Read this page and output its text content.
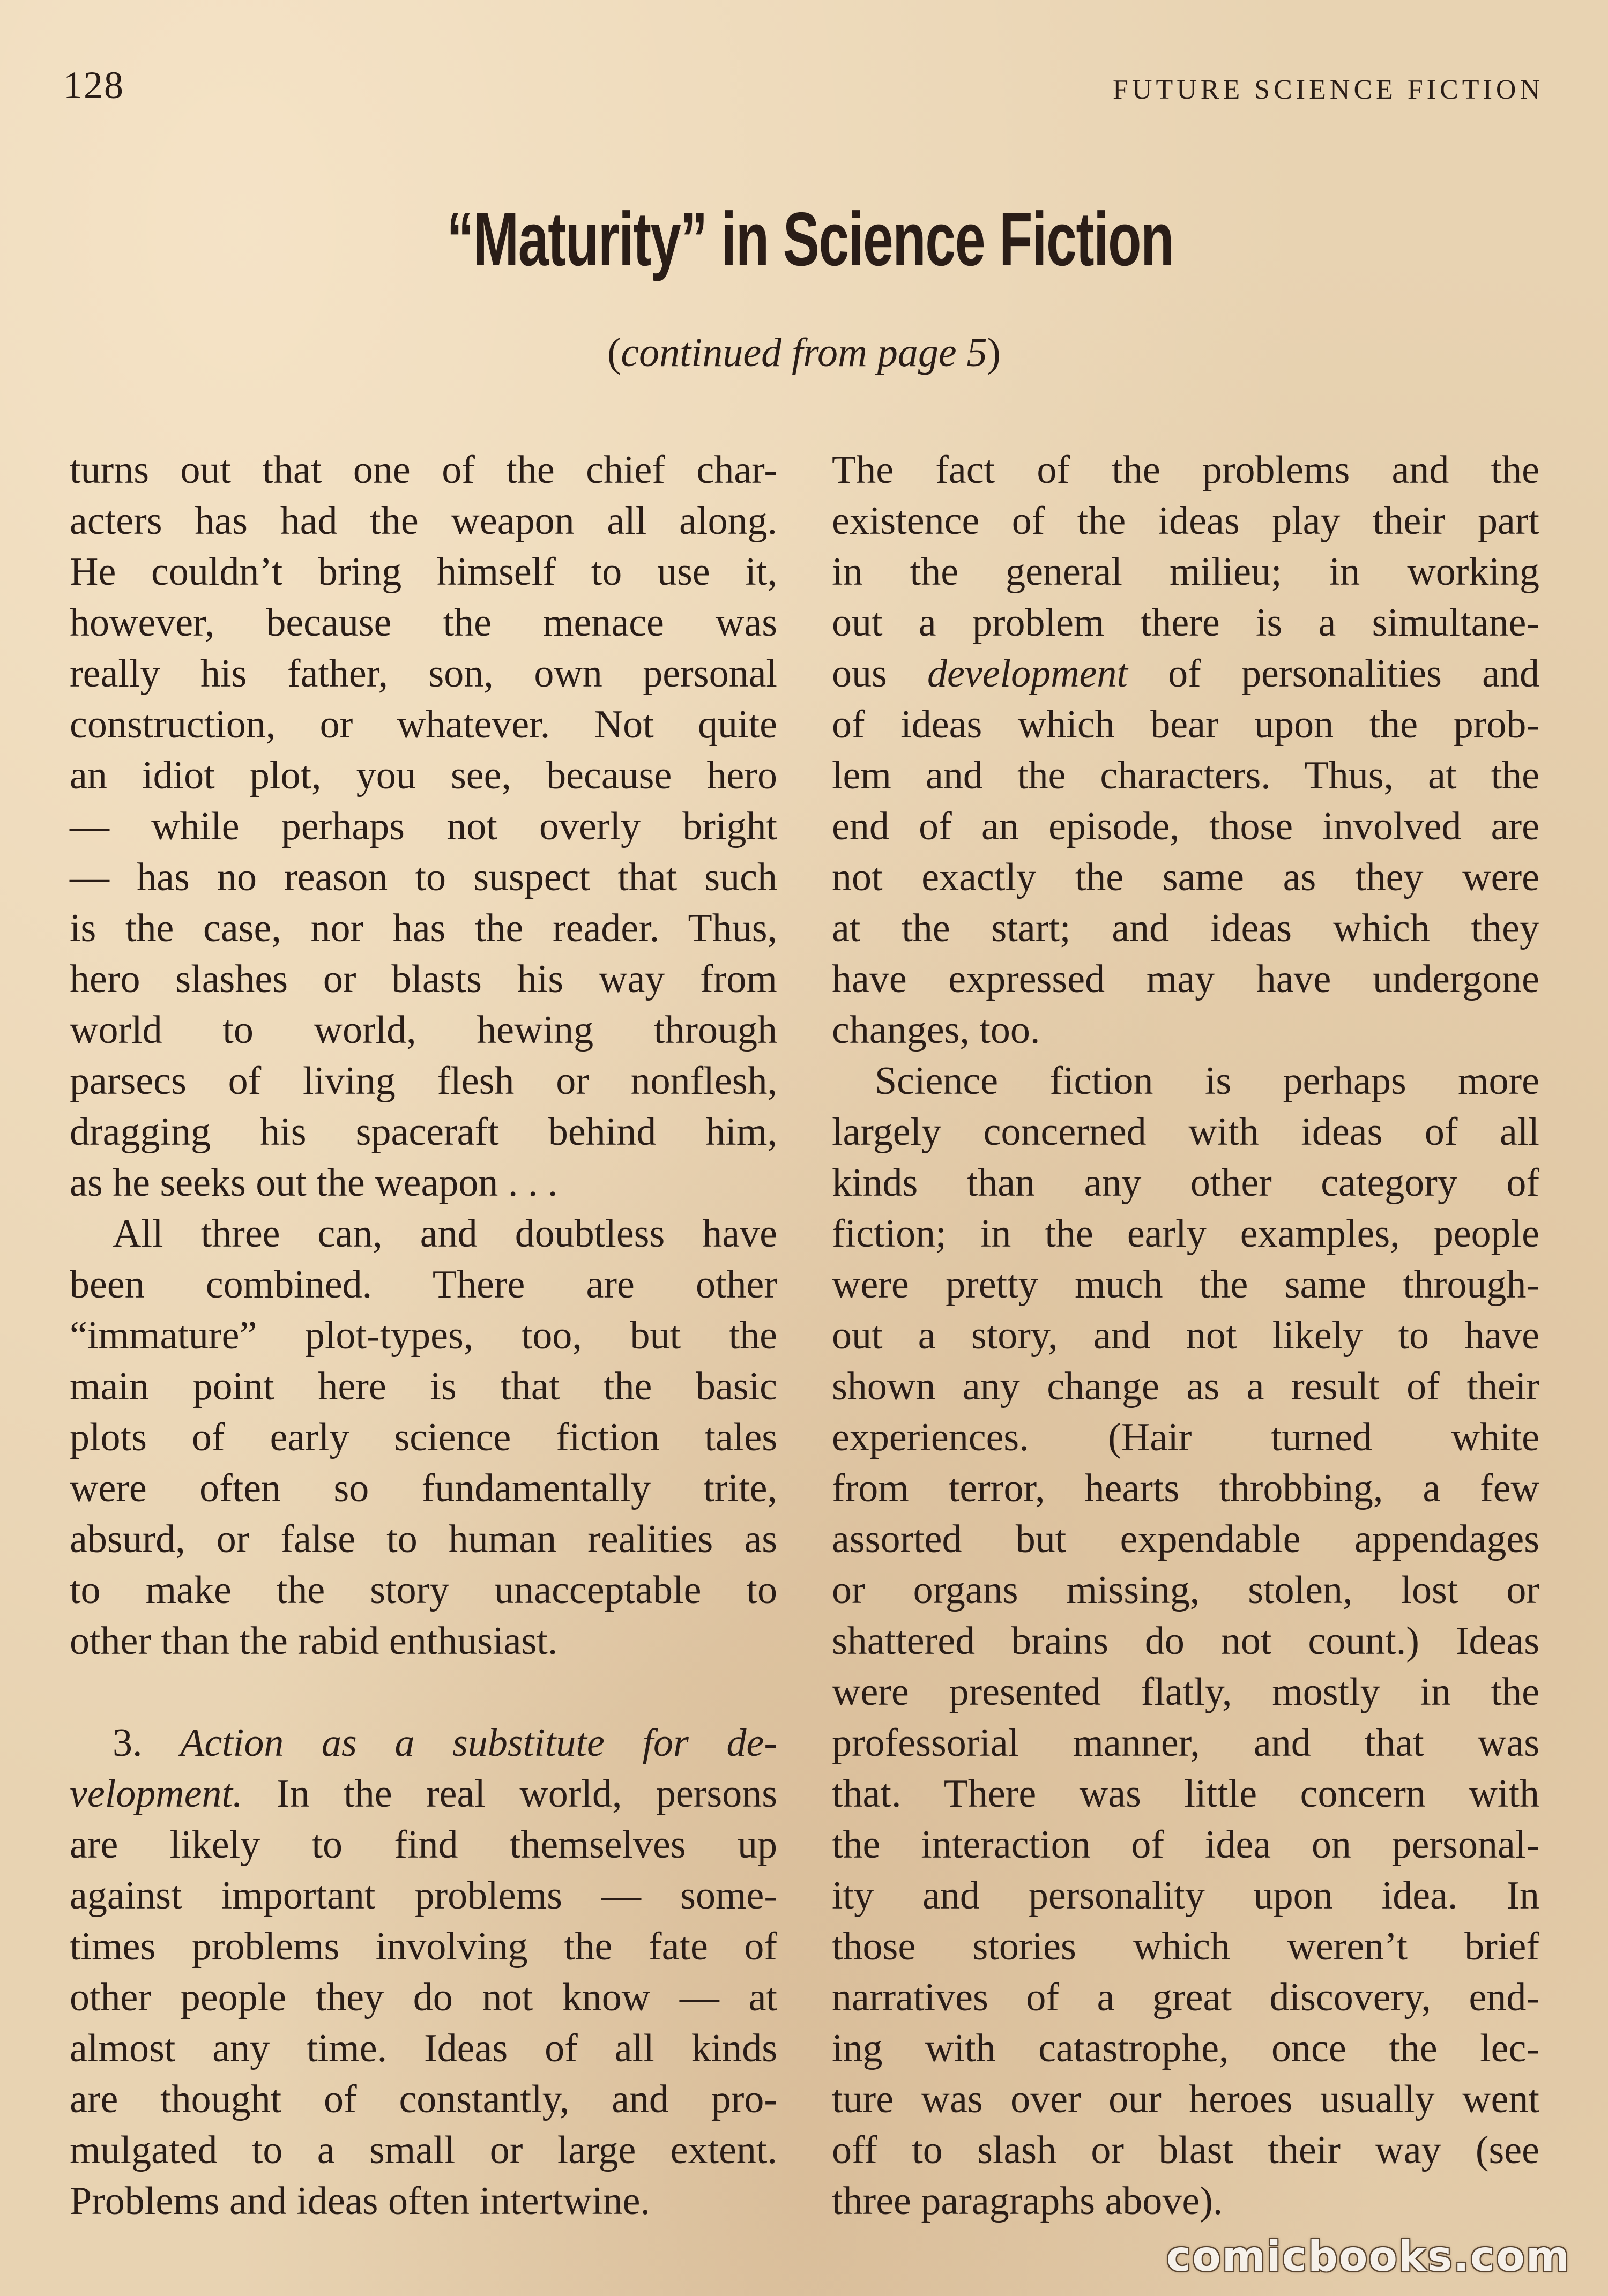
128	FUTURE SCIENCE FICTION
“Maturity” in Science Fiction
(continued from page 5)

turns out that one of the chief char-
acters has had the weapon all along.
He couldn’t bring himself to use it,
however, because the menace was
really his father, son, own personal
construction, or whatever. Not quite
an idiot plot, you see, because hero
— while perhaps not overly bright
— has no reason to suspect that such
is the case, nor has the reader. Thus,
hero slashes or blasts his way from
world to world, hewing through
parsecs of living flesh or nonflesh,
dragging his spaceraft behind him,
as he seeks out the weapon . . .

All three can, and doubtless have
been combined. There are other
“immature” plot-types, too, but the
main point here is that the basic
plots of early science fiction tales
were often so fundamentally trite,
absurd, or false to human realities as
to make the story unacceptable to
other than the rabid enthusiast.

3. Action as a substitute for de-
velopment. In the real world, persons
are likely to find themselves up
against important problems — some-
times problems involving the fate of
other people they do not know — at
almost any time. Ideas of all kinds
are thought of constantly, and pro-
mulgated to a small or large extent.
Problems and ideas often intertwine.

The fact of the problems and the
existence of the ideas play their part
in the general milieu; in working
out a problem there is a simultane-
ous development of personalities and
of ideas which bear upon the prob-
lem and the characters. Thus, at the
end of an episode, those involved are
not exactly the same as they were
at the start; and ideas which they
have expressed may have undergone
changes, too.

Science fiction is perhaps more
largely concerned with ideas of all
kinds than any other category of
fiction; in the early examples, people
were pretty much the same through-
out a story, and not likely to have
shown any change as a result of their
experiences. (Hair turned white
from terror, hearts throbbing, a few
assorted but expendable appendages
or organs missing, stolen, lost or
shattered brains do not count.) Ideas
were presented flatly, mostly in the
professorial manner, and that was
that. There was little concern with
the interaction of idea on personal-
ity and personality upon idea. In
those stories which weren’t brief
narratives of a great discovery, end-
ing with catastrophe, once the lec-
ture was over our heroes usually went
off to slash or blast their way (see
three paragraphs above).

comicbooks.com
